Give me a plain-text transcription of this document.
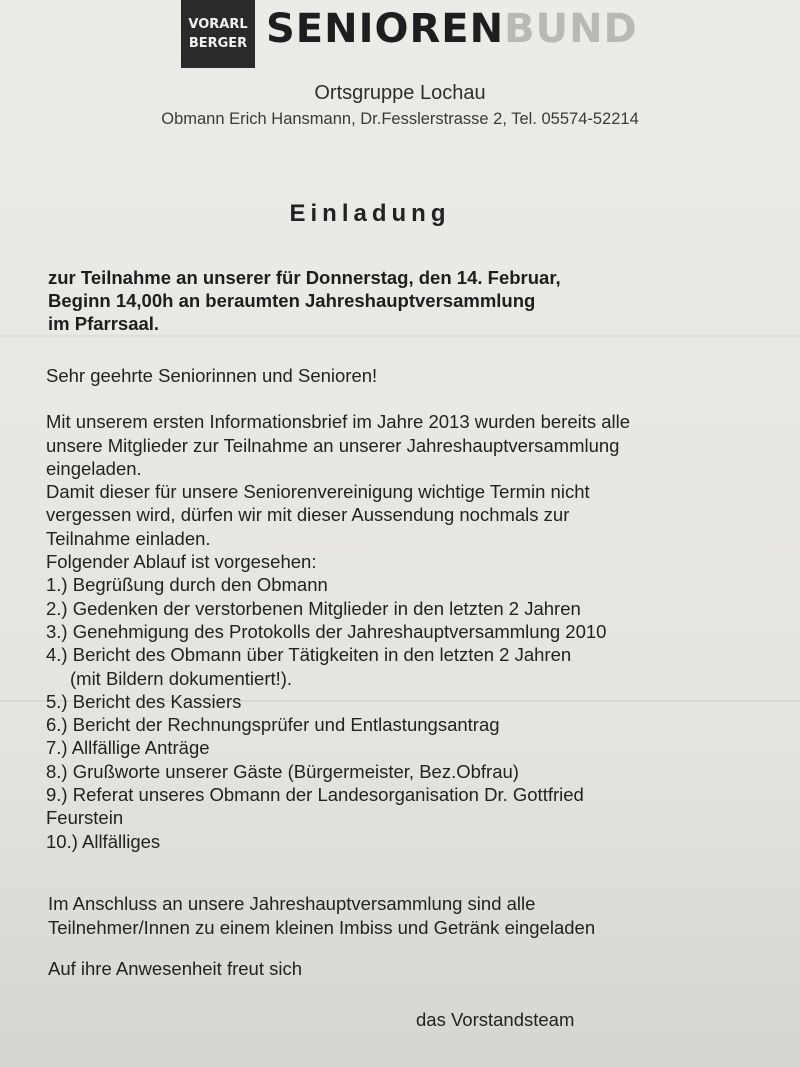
VORARL
BERGER SENIORENBUND
Ortsgruppe Lochau
Obmann Erich Hansmann, Dr.Fesslerstrasse 2, Tel. 05574-52214
Einladung
zur Teilnahme an unserer für Donnerstag, den 14. Februar,
Beginn 14,00h an beraumten Jahreshauptversammlung
im Pfarrsaal.
Sehr geehrte Seniorinnen und Senioren!
Mit unserem ersten Informationsbrief im Jahre 2013 wurden bereits alle
unsere Mitglieder zur Teilnahme an unserer Jahreshauptversammlung
eingeladen.
Damit dieser für unsere Seniorenvereinigung wichtige Termin nicht
vergessen wird, dürfen wir mit dieser Aussendung nochmals zur
Teilnahme einladen.
Folgender Ablauf ist vorgesehen:
1.) Begrüßung durch den Obmann
2.) Gedenken der verstorbenen Mitglieder in den letzten 2 Jahren
3.) Genehmigung des Protokolls der Jahreshauptversammlung 2010
4.) Bericht des Obmann über Tätigkeiten in den letzten 2 Jahren
(mit Bildern dokumentiert!).
5.) Bericht des Kassiers
6.) Bericht der Rechnungsprüfer und Entlastungsantrag
7.) Allfällige Anträge
8.) Grußworte unserer Gäste (Bürgermeister, Bez.Obfrau)
9.) Referat unseres Obmann der Landesorganisation Dr. Gottfried
Feurstein
10.) Allfälliges
Im Anschluss an unsere Jahreshauptversammlung sind alle
Teilnehmer/Innen zu einem kleinen Imbiss und Getränk eingeladen
Auf ihre Anwesenheit freut sich
das Vorstandsteam
